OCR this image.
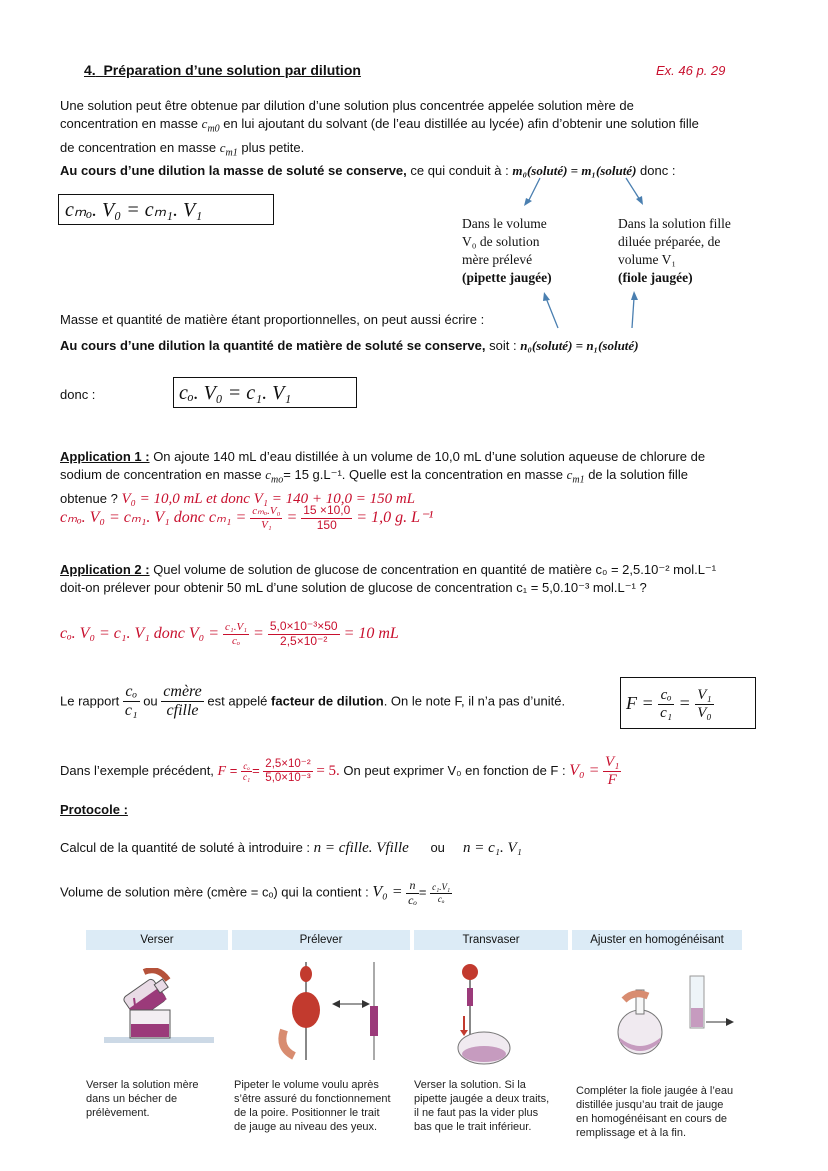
4. Préparation d’une solution par dilution	Ex. 46 p. 29
Une solution peut être obtenue par dilution d’une solution plus concentrée appelée solution mère de
concentration en masse $c_{m0}$ en lui ajoutant du solvant (de l’eau distillée au lycée) afin d’obtenir une solution fille
de concentration en masse $c_{m1}$ plus petite.
Au cours d’une dilution la masse de soluté se conserve, ce qui conduit à : m₀(soluté) = m₁(soluté) donc :
cₘₒ. V₀ = cₘ₁. V₁
Dans le volume
V₀ de solution
mère prélevé
(pipette jaugée)
Dans la solution fille
diluée préparée, de
volume V₁
(fiole jaugée)
Masse et quantité de matière étant proportionnelles, on peut aussi écrire :
Au cours d’une dilution la quantité de matière de soluté se conserve, soit : n₀(soluté) = n₁(soluté)
donc :	cₒ. V₀ = c₁. V₁
Application 1 : On ajoute 140 mL d’eau distillée à un volume de 10,0 mL d’une solution aqueuse de chlorure de
sodium de concentration en masse $c_{mo}= 15$ g.L⁻¹. Quelle est la concentration en masse $c_{m1}$ de la solution fille
obtenue ? V₀ = 10,0 mL et donc V₁ = 140 + 10,0 = 150 mL
cₘₒ. V₀ = cₘ₁. V₁ donc $c_{m1} = \frac{\text{cₘₒ.V₀}}{\text{V₁}} = \frac{15 \times 10,0}{150} = 1,0$ g. L⁻¹
Application 2 : Quel volume de solution de glucose de concentration en quantité de matière c₀ = 2,5.10⁻² mol.L⁻¹
doit-on prélever pour obtenir 50 mL d’une solution de glucose de concentration c₁ = 5,0.10⁻³ mol.L⁻¹ ?
cₒ. V₀ = c₁. V₁ donc $V_0 = \frac{\text{c₁.V₁}}{\text{cₒ}} = \frac{\text{5,0×10⁻³×50}}{\text{2,5×10⁻²}} = 10$ mL
Le rapport $\frac{\text{cₒ}}{\text{c₁}}$ ou $\frac{\text{cmère}}{\text{cfille}}$ est appelé facteur de dilution. On le note F, il n’a pas d’unité.	$F = \frac{\text{cₒ}}{\text{c₁}} = \frac{\text{V₁}}{\text{V₀}}$
Dans l’exemple précédent, $F = \frac{\text{cₒ}}{\text{c₁}} = \frac{\text{2,5×10⁻²}}{\text{5,0×10⁻³}} = 5$. On peut exprimer V₀ en fonction de F : $V_0 = \frac{\text{V₁}}{F}$
Protocole :
Calcul de la quantité de soluté à introduire : n = cfille. Vfille ou n = c₁. V₁
Volume de solution mère (cmère = cₒ) qui la contient : $V_0 = \frac{n}{\text{cₒ}} = \frac{\text{c₁.V₁}}{\text{cₒ}}$
Verser	Prélever	Transvaser	Ajuster en homogénéisant
Verser la solution mère
dans un bécher de
prélèvement.
Pipeter le volume voulu après
s’être assuré du fonctionnement
de la poire. Positionner le trait
de jauge au niveau des yeux.
Verser la solution. Si la
pipette jaugée a deux traits,
il ne faut pas la vider plus
bas que le trait inférieur.
Compléter la fiole jaugée à l’eau
distillée jusqu’au trait de jauge
en homogénéisant en cours de
remplissage et à la fin.
